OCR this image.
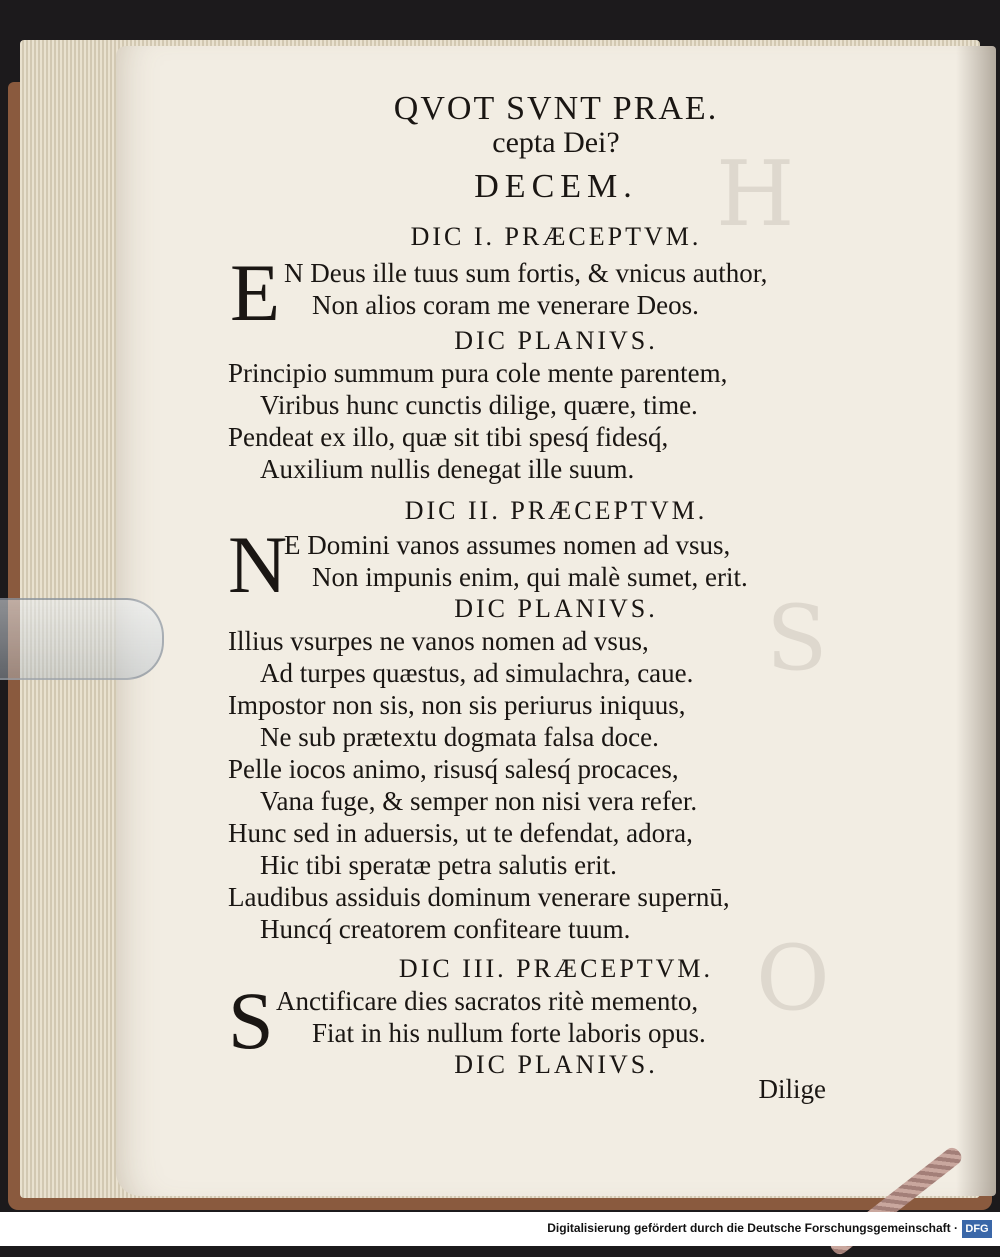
H
S
O
QVOT SVNT PRAE.
cepta Dei?
DECEM.
DIC I. PRÆCEPTVM.
E N Deus ille tuus sum fortis, & vnicus author,
Non alios coram me venerare Deos.
DIC PLANIVS.
Principio summum pura cole mente parentem,
Viribus hunc cunctis dilige, quære, time.
Pendeat ex illo, quæ sit tibi spesq́ fidesq́,
Auxilium nullis denegat ille suum.
DIC II. PRÆCEPTVM.
N
E Domini vanos assumes nomen ad vsus,
Non impunis enim, qui malè sumet, erit.
DIC PLANIVS.
Illius vsurpes ne vanos nomen ad vsus,
Ad turpes quæstus, ad simulachra, caue.
Impostor non sis, non sis periurus iniquus,
Ne sub prætextu dogmata falsa doce.
Pelle iocos animo, risusq́ salesq́ procaces,
Vana fuge, & semper non nisi vera refer.
Hunc sed in aduersis, ut te defendat, adora,
Hic tibi speratæ petra salutis erit.
Laudibus assiduis dominum venerare supernū,
Huncq́ creatorem confiteare tuum.
DIC III. PRÆCEPTVM.
S Anctificare dies sacratos ritè memento,
Fiat in his nullum forte laboris opus.
DIC PLANIVS.
Dilige
Digitalisierung gefördert durch die Deutsche Forschungsgemeinschaft · DFG
